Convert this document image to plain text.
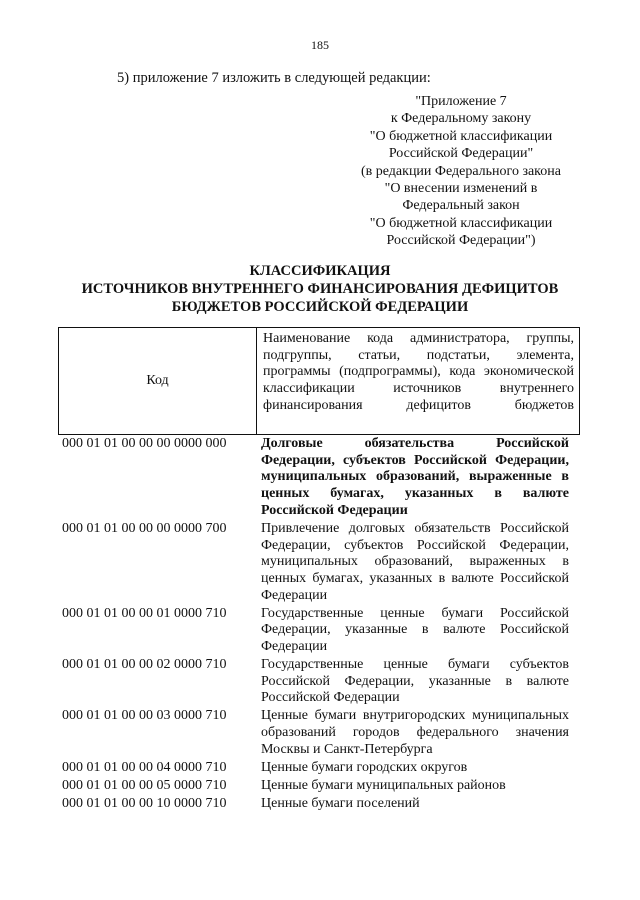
185
5) приложение 7 изложить в следующей редакции:
"Приложение 7
к Федеральному закону
"О бюджетной классификации
Российской Федерации"
(в редакции Федерального закона
"О внесении изменений в
Федеральный закон
"О бюджетной классификации
Российской Федерации")
КЛАССИФИКАЦИЯ
ИСТОЧНИКОВ ВНУТРЕННЕГО ФИНАНСИРОВАНИЯ ДЕФИЦИТОВ
БЮДЖЕТОВ РОССИЙСКОЙ ФЕДЕРАЦИИ
Код
Наименование кода администратора, группы, подгруппы, статьи, подстатьи, элемента, программы (подпрограммы), кода экономической классификации источников внутреннего финансирования дефицитов бюджетов
000 01 01 00 00 00 0000 000	Долговые обязательства Российской Федерации, субъектов Российской Федерации, муниципальных образований, выраженные в ценных бумагах, указанных в валюте Российской Федерации
000 01 01 00 00 00 0000 700	Привлечение долговых обязательств Российской Федерации, субъектов Российской Федерации, муниципальных образований, выраженных в ценных бумагах, указанных в валюте Российской Федерации
000 01 01 00 00 01 0000 710	Государственные ценные бумаги Российской Федерации, указанные в валюте Российской Федерации
000 01 01 00 00 02 0000 710	Государственные ценные бумаги субъектов Российской Федерации, указанные в валюте Российской Федерации
000 01 01 00 00 03 0000 710	Ценные бумаги внутригородских муниципальных образований городов федерального значения Москвы и Санкт-Петербурга
000 01 01 00 00 04 0000 710	Ценные бумаги городских округов
000 01 01 00 00 05 0000 710	Ценные бумаги муниципальных районов
000 01 01 00 00 10 0000 710	Ценные бумаги поселений
